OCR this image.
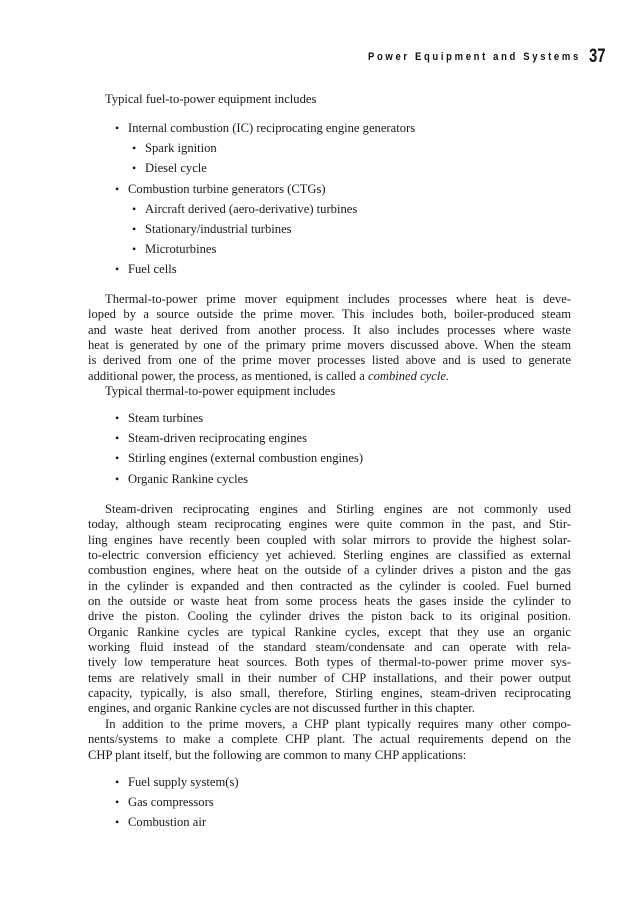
Power Equipment and Systems 37
Typical fuel-to-power equipment includes
• Internal combustion (IC) reciprocating engine generators
• Spark ignition
• Diesel cycle
• Combustion turbine generators (CTGs)
• Aircraft derived (aero-derivative) turbines
• Stationary/industrial turbines
• Microturbines
• Fuel cells
Thermal-to-power prime mover equipment includes processes where heat is deve-
loped by a source outside the prime mover. This includes both, boiler-produced steam
and waste heat derived from another process. It also includes processes where waste
heat is generated by one of the primary prime movers discussed above. When the steam
is derived from one of the prime mover processes listed above and is used to generate
additional power, the process, as mentioned, is called a combined cycle.
Typical thermal-to-power equipment includes
• Steam turbines
• Steam-driven reciprocating engines
• Stirling engines (external combustion engines)
• Organic Rankine cycles
Steam-driven reciprocating engines and Stirling engines are not commonly used
today, although steam reciprocating engines were quite common in the past, and Stir-
ling engines have recently been coupled with solar mirrors to provide the highest solar-
to-electric conversion efficiency yet achieved. Sterling engines are classified as external
combustion engines, where heat on the outside of a cylinder drives a piston and the gas
in the cylinder is expanded and then contracted as the cylinder is cooled. Fuel burned
on the outside or waste heat from some process heats the gases inside the cylinder to
drive the piston. Cooling the cylinder drives the piston back to its original position.
Organic Rankine cycles are typical Rankine cycles, except that they use an organic
working fluid instead of the standard steam/condensate and can operate with rela-
tively low temperature heat sources. Both types of thermal-to-power prime mover sys-
tems are relatively small in their number of CHP installations, and their power output
capacity, typically, is also small, therefore, Stirling engines, steam-driven reciprocating
engines, and organic Rankine cycles are not discussed further in this chapter.
In addition to the prime movers, a CHP plant typically requires many other compo-
nents/systems to make a complete CHP plant. The actual requirements depend on the
CHP plant itself, but the following are common to many CHP applications:
• Fuel supply system(s)
• Gas compressors
• Combustion air
